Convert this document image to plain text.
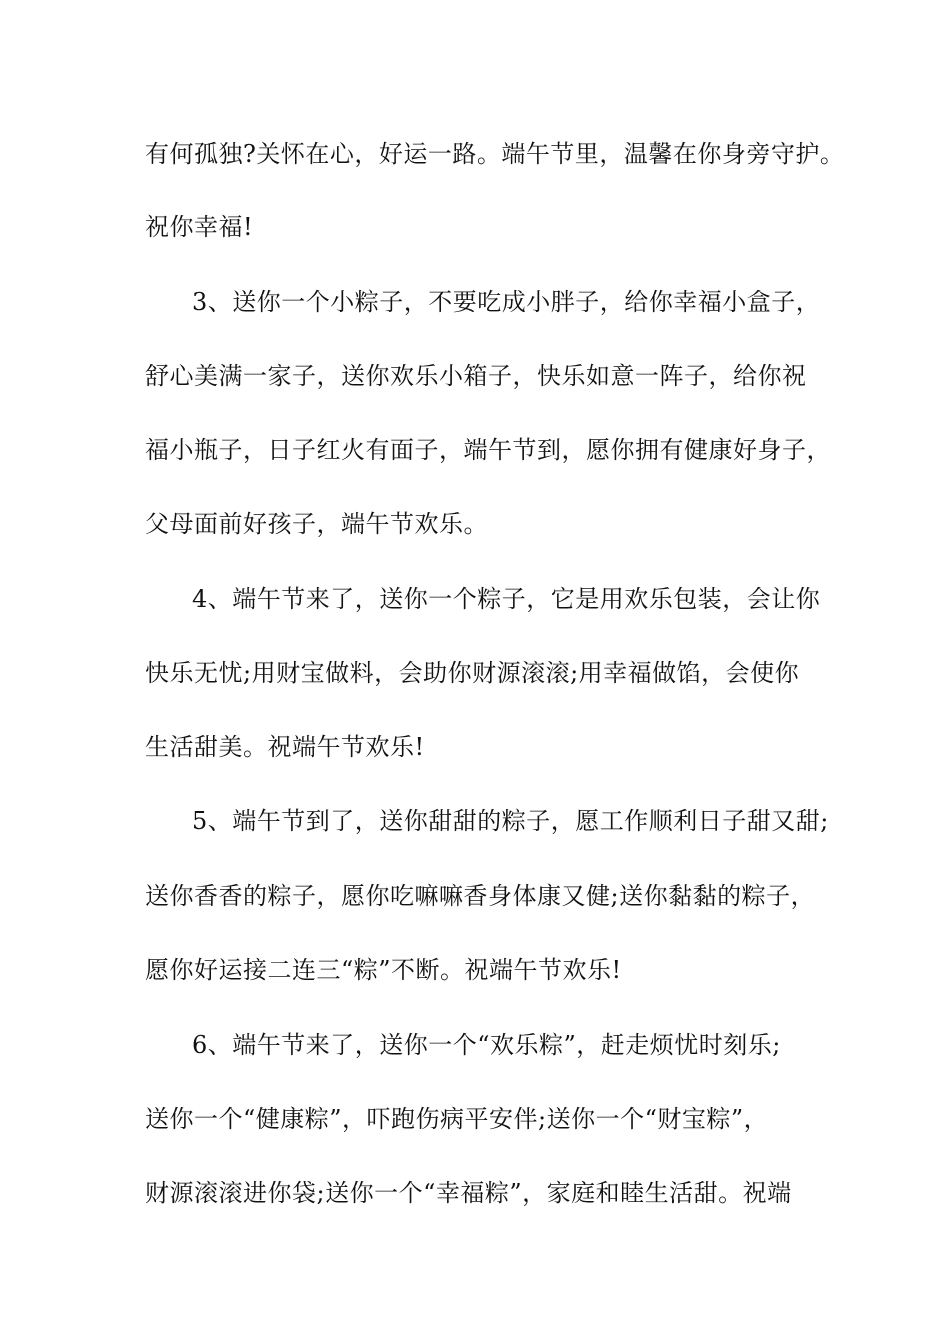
有何孤独?关怀在心，好运一路。端午节里，温馨在你身旁守护。
祝你幸福!
3、送你一个小粽子，不要吃成小胖子，给你幸福小盒子，
舒心美满一家子，送你欢乐小箱子，快乐如意一阵子，给你祝
福小瓶子，日子红火有面子，端午节到，愿你拥有健康好身子，
父母面前好孩子，端午节欢乐。
4、端午节来了，送你一个粽子，它是用欢乐包装，会让你
快乐无忧;用财宝做料，会助你财源滚滚;用幸福做馅，会使你
生活甜美。祝端午节欢乐!
5、端午节到了，送你甜甜的粽子，愿工作顺利日子甜又甜;
送你香香的粽子，愿你吃嘛嘛香身体康又健;送你黏黏的粽子，
愿你好运接二连三“粽”不断。祝端午节欢乐!
6、端午节来了，送你一个“欢乐粽”，赶走烦忧时刻乐;
送你一个“健康粽”，吓跑伤病平安伴;送你一个“财宝粽”，
财源滚滚进你袋;送你一个“幸福粽”，家庭和睦生活甜。祝端
